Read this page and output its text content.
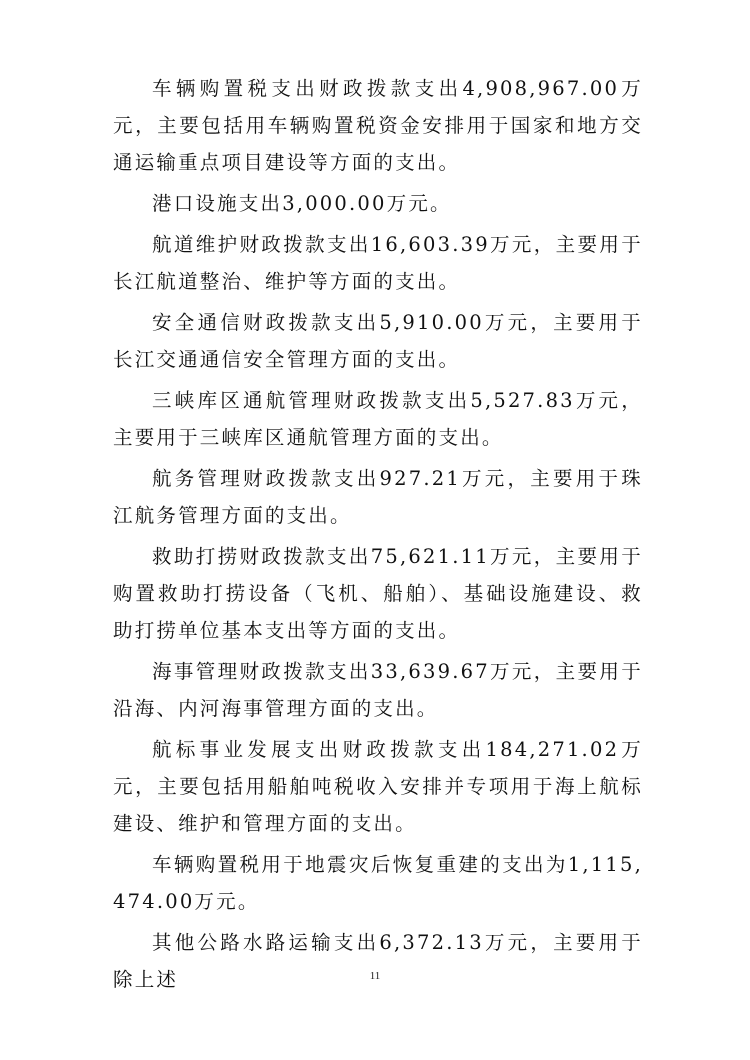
车辆购置税支出财政拨款支出4,908,967.00万元，主要包括用车辆购置税资金安排用于国家和地方交通运输重点项目建设等方面的支出。

港口设施支出3,000.00万元。

航道维护财政拨款支出16,603.39万元，主要用于长江航道整治、维护等方面的支出。

安全通信财政拨款支出5,910.00万元，主要用于长江交通通信安全管理方面的支出。

三峡库区通航管理财政拨款支出5,527.83万元，主要用于三峡库区通航管理方面的支出。

航务管理财政拨款支出927.21万元，主要用于珠江航务管理方面的支出。

救助打捞财政拨款支出75,621.11万元，主要用于购置救助打捞设备（飞机、船舶）、基础设施建设、救助打捞单位基本支出等方面的支出。

海事管理财政拨款支出33,639.67万元，主要用于沿海、内河海事管理方面的支出。

航标事业发展支出财政拨款支出184,271.02万元，主要包括用船舶吨税收入安排并专项用于海上航标建设、维护和管理方面的支出。

车辆购置税用于地震灾后恢复重建的支出为1,115,474.00万元。

其他公路水路运输支出6,372.13万元，主要用于除上述	11
